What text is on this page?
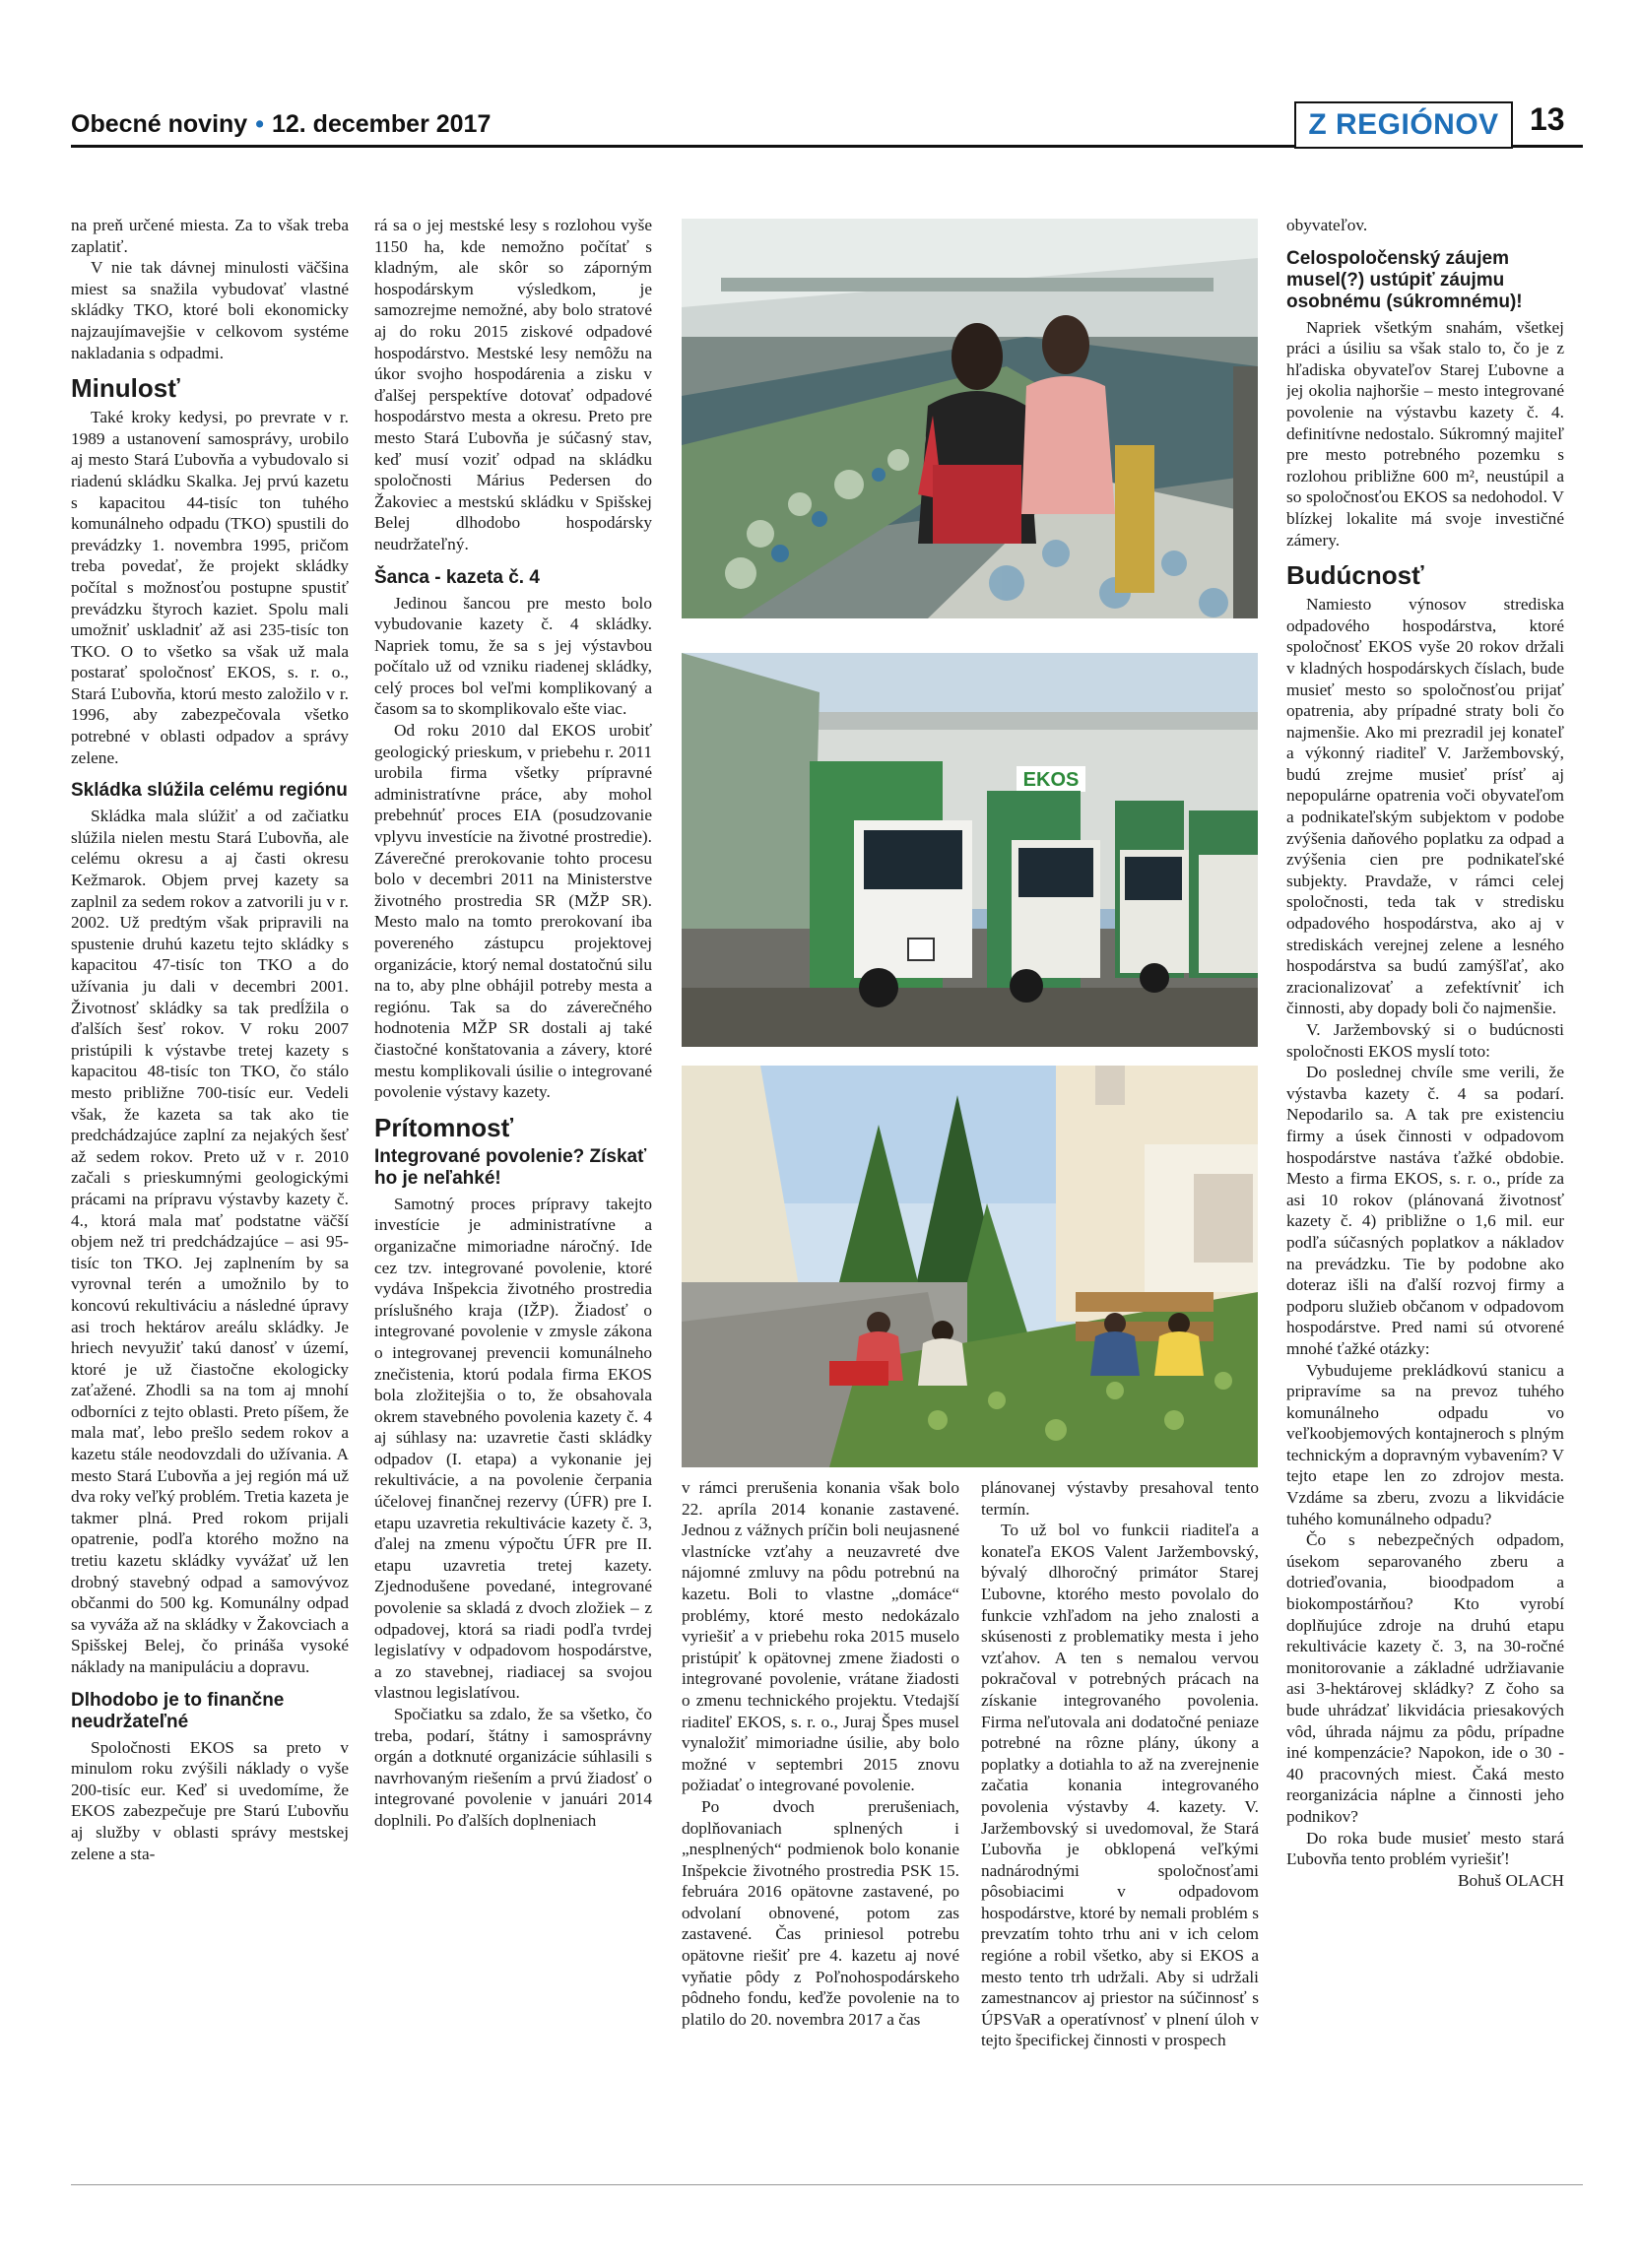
Obecné noviny • 12. december 2017	Z REGIÓNOV 13

na preň určené miesta. Za to však treba zaplatiť.

V nie tak dávnej minulosti väčšina miest sa snažila vybudovať vlastné skládky TKO, ktoré boli ekonomicky najzaujímavejšie v celkovom systéme nakladania s odpadmi.

Minulosť

Také kroky kedysi, po prevrate v r. 1989 a ustanovení samosprávy, urobilo aj mesto Stará Ľubovňa a vybudovalo si riadenú skládku Skalka. Jej prvú kazetu s kapacitou 44-tisíc ton tuhého komunálneho odpadu (TKO) spustili do prevádzky 1. novembra 1995, pričom treba povedať, že projekt skládky počítal s možnosťou postupne spustiť prevádzku štyroch kaziet. Spolu mali umožniť uskladniť až asi 235-tisíc ton TKO. O to všetko sa však už mala postarať spoločnosť EKOS, s. r. o., Stará Ľubovňa, ktorú mesto založilo v r. 1996, aby zabezpečovala všetko potrebné v oblasti odpadov a správy zelene.

Skládka slúžila celému regiónu

Skládka mala slúžiť a od začiatku slúžila nielen mestu Stará Ľubovňa, ale celému okresu a aj časti okresu Kežmarok. Objem prvej kazety sa zaplnil za sedem rokov a zatvorili ju v r. 2002. Už predtým však pripravili na spustenie druhú kazetu tejto skládky s kapacitou 47-tisíc ton TKO a do užívania ju dali v decembri 2001. Životnosť skládky sa tak predĺžila o ďalších šesť rokov. V roku 2007 pristúpili k výstavbe tretej kazety s kapacitou 48-tisíc ton TKO, čo stálo mesto približne 700-tisíc eur. Vedeli však, že kazeta sa tak ako tie predchádzajúce zaplní za nejakých šesť až sedem rokov. Preto už v r. 2010 začali s prieskumnými geologickými prácami na prípravu výstavby kazety č. 4., ktorá mala mať podstatne väčší objem než tri predchádzajúce – asi 95-tisíc ton TKO. Jej zaplnením by sa vyrovnal terén a umožnilo by to koncovú rekultiváciu a následné úpravy asi troch hektárov areálu skládky. Je hriech nevyužiť takú danosť v území, ktoré je už čiastočne ekologicky zaťažené. Zhodli sa na tom aj mnohí odborníci z tejto oblasti. Preto píšem, že mala mať, lebo prešlo sedem rokov a kazetu stále neodovzdali do užívania. A mesto Stará Ľubovňa a jej región má už dva roky veľký problém. Tretia kazeta je takmer plná. Pred rokom prijali opatrenie, podľa ktorého možno na tretiu kazetu skládky vyvážať už len drobný stavebný odpad a samovývoz občanmi do 500 kg. Komunálny odpad sa vyváža až na skládky v Žakovciach a Spišskej Belej, čo prináša vysoké náklady na manipuláciu a dopravu.

Dlhodobo je to finančne neudržateľné

Spoločnosti EKOS sa preto v minulom roku zvýšili náklady o vyše 200-tisíc eur. Keď si uvedomíme, že EKOS zabezpečuje pre Starú Ľubovňu aj služby v oblasti správy mestskej zelene a sta-

rá sa o jej mestské lesy s rozlohou vyše 1150 ha, kde nemožno počítať s kladným, ale skôr so záporným hospodárskym výsledkom, je samozrejme nemožné, aby bolo stratové aj do roku 2015 ziskové odpadové hospodárstvo. Mestské lesy nemôžu na úkor svojho hospodárenia a zisku v ďalšej perspektíve dotovať odpadové hospodárstvo mesta a okresu. Preto pre mesto Stará Ľubovňa je súčasný stav, keď musí voziť odpad na skládku spoločnosti Márius Pedersen do Žakoviec a mestskú skládku v Spišskej Belej dlhodobo hospodársky neudržateľný.

Šanca - kazeta č. 4

Jedinou šancou pre mesto bolo vybudovanie kazety č. 4 skládky. Napriek tomu, že sa s jej výstavbou počítalo už od vzniku riadenej skládky, celý proces bol veľmi komplikovaný a časom sa to skomplikovalo ešte viac.

Od roku 2010 dal EKOS urobiť geologický prieskum, v priebehu r. 2011 urobila firma všetky prípravné administratívne práce, aby mohol prebehnúť proces EIA (posudzovanie vplyvu investície na životné prostredie). Záverečné prerokovanie tohto procesu bolo v decembri 2011 na Ministerstve životného prostredia SR (MŽP SR). Mesto malo na tomto prerokovaní iba povereného zástupcu projektovej organizácie, ktorý nemal dostatočnú silu na to, aby plne obhájil potreby mesta a regiónu. Tak sa do záverečného hodnotenia MŽP SR dostali aj také čiastočné konštatovania a závery, ktoré mestu komplikovali úsilie o integrované povolenie výstavy kazety.

Prítomnosť
Integrované povolenie? Získať ho je neľahké!

Samotný proces prípravy takejto investície je administratívne a organizačne mimoriadne náročný. Ide cez tzv. integrované povolenie, ktoré vydáva Inšpekcia životného prostredia príslušného kraja (IŽP). Žiadosť o integrované povolenie v zmysle zákona o integrovanej prevencii komunálneho znečistenia, ktorú podala firma EKOS bola zložitejšia o to, že obsahovala okrem stavebného povolenia kazety č. 4 aj súhlasy na: uzavretie časti skládky odpadov (I. etapa) a vykonanie jej rekultivácie, a na povolenie čerpania účelovej finančnej rezervy (ÚFR) pre I. etapu uzavretia rekultivácie kazety č. 3, ďalej na zmenu výpočtu ÚFR pre II. etapu uzavretia tretej kazety. Zjednodušene povedané, integrované povolenie sa skladá z dvoch zložiek – z odpadovej, ktorá sa riadi podľa tvrdej legislatívy v odpadovom hospodárstve, a zo stavebnej, riadiacej sa svojou vlastnou legislatívou.

Spočiatku sa zdalo, že sa všetko, čo treba, podarí, štátny i samosprávny orgán a dotknuté organizácie súhlasili s navrhovaným riešením a prvú žiadosť o integrované povolenie v januári 2014 doplnili. Po ďalších doplneniach

EKOS

v rámci prerušenia konania však bolo 22. apríla 2014 konanie zastavené. Jednou z vážnych príčin boli neujasnené vlastnícke vzťahy a neuzavreté dve nájomné zmluvy na pôdu potrebnú na kazetu. Boli to vlastne „domáce“ problémy, ktoré mesto nedokázalo vyriešiť a v priebehu roka 2015 muselo pristúpiť k opätovnej zmene žiadosti o integrované povolenie, vrátane žiadosti o zmenu technického projektu. Vtedajší riaditeľ EKOS, s. r. o., Juraj Špes musel vynaložiť mimoriadne úsilie, aby bolo možné v septembri 2015 znovu požiadať o integrované povolenie.

Po dvoch prerušeniach, doplňovaniach splnených i „nesplnených“ podmienok bolo konanie Inšpekcie životného prostredia PSK 15. februára 2016 opätovne zastavené, po odvolaní obnovené, potom zas zastavené. Čas priniesol potrebu opätovne riešiť pre 4. kazetu aj nové vyňatie pôdy z Poľnohospodárskeho pôdneho fondu, keďže povolenie na to platilo do 20. novembra 2017 a čas

plánovanej výstavby presahoval tento termín.

To už bol vo funkcii riaditeľa a konateľa EKOS Valent Jaržembovský, bývalý dlhoročný primátor Starej Ľubovne, ktorého mesto povolalo do funkcie vzhľadom na jeho znalosti a skúsenosti z problematiky mesta i jeho vzťahov. A ten s nemalou vervou pokračoval v potrebných prácach na získanie integrovaného povolenia. Firma neľutovala ani dodatočné peniaze potrebné na rôzne plány, úkony a poplatky a dotiahla to až na zverejnenie začatia konania integrovaného povolenia výstavby 4. kazety. V. Jaržembovský si uvedomoval, že Stará Ľubovňa je obklopená veľkými nadnárodnými spoločnosťami pôsobiacimi v odpadovom hospodárstve, ktoré by nemali problém s prevzatím tohto trhu ani v ich celom regióne a robil všetko, aby si EKOS a mesto tento trh udržali. Aby si udržali zamestnancov aj priestor na súčinnosť s ÚPSVaR a operatívnosť v plnení úloh v tejto špecifickej činnosti v prospech

obyvateľov.

Celospoločenský záujem musel(?) ustúpiť záujmu osobnému (súkromnému)!

Napriek všetkým snahám, všetkej práci a úsiliu sa však stalo to, čo je z hľadiska obyvateľov Starej Ľubovne a jej okolia najhoršie – mesto integrované povolenie na výstavbu kazety č. 4. definitívne nedostalo. Súkromný majiteľ pre mesto potrebného pozemku s rozlohou približne 600 m², neustúpil a so spoločnosťou EKOS sa nedohodol. V blízkej lokalite má svoje investičné zámery.

Budúcnosť

Namiesto výnosov strediska odpadového hospodárstva, ktoré spoločnosť EKOS vyše 20 rokov držali v kladných hospodárskych číslach, bude musieť mesto so spoločnosťou prijať opatrenia, aby prípadné straty boli čo najmenšie. Ako mi prezradil jej konateľ a výkonný riaditeľ V. Jaržembovský, budú zrejme musieť prísť aj nepopulárne opatrenia voči obyvateľom a podnikateľským subjektom v podobe zvýšenia daňového poplatku za odpad a zvýšenia cien pre podnikateľské subjekty. Pravdaže, v rámci celej spoločnosti, teda tak v stredisku odpadového hospodárstva, ako aj v strediskách verejnej zelene a lesného hospodárstva sa budú zamýšľať, ako zracionalizovať a zefektívniť ich činnosti, aby dopady boli čo najmenšie.

V. Jaržembovský si o budúcnosti spoločnosti EKOS myslí toto:

Do poslednej chvíle sme verili, že výstavba kazety č. 4 sa podarí. Nepodarilo sa. A tak pre existenciu firmy a úsek činnosti v odpadovom hospodárstve nastáva ťažké obdobie. Mesto a firma EKOS, s. r. o., príde za asi 10 rokov (plánovaná životnosť kazety č. 4) približne o 1,6 mil. eur podľa súčasných poplatkov a nákladov na prevádzku. Tie by podobne ako doteraz išli na ďalší rozvoj firmy a podporu služieb občanom v odpadovom hospodárstve. Pred nami sú otvorené mnohé ťažké otázky:

Vybudujeme prekládkovú stanicu a pripravíme sa na prevoz tuhého komunálneho odpadu vo veľkoobjemových kontajneroch s plným technickým a dopravným vybavením? V tejto etape len zo zdrojov mesta. Vzdáme sa zberu, zvozu a likvidácie tuhého komunálneho odpadu?

Čo s nebezpečných odpadom, úsekom separovaného zberu a dotrieďovania, bioodpadom a biokompostárňou? Kto vyrobí doplňujúce zdroje na druhú etapu rekultivácie kazety č. 3, na 30-ročné monitorovanie a základné udržiavanie asi 3-hektárovej skládky? Z čoho sa bude uhrádzať likvidácia priesakových vôd, úhrada nájmu za pôdu, prípadne iné kompenzácie? Napokon, ide o 30 - 40 pracovných miest. Čaká mesto reorganizácia náplne a činnosti jeho podnikov?

Do roka bude musieť mesto stará Ľubovňa tento problém vyriešiť!

Bohuš OLACH
